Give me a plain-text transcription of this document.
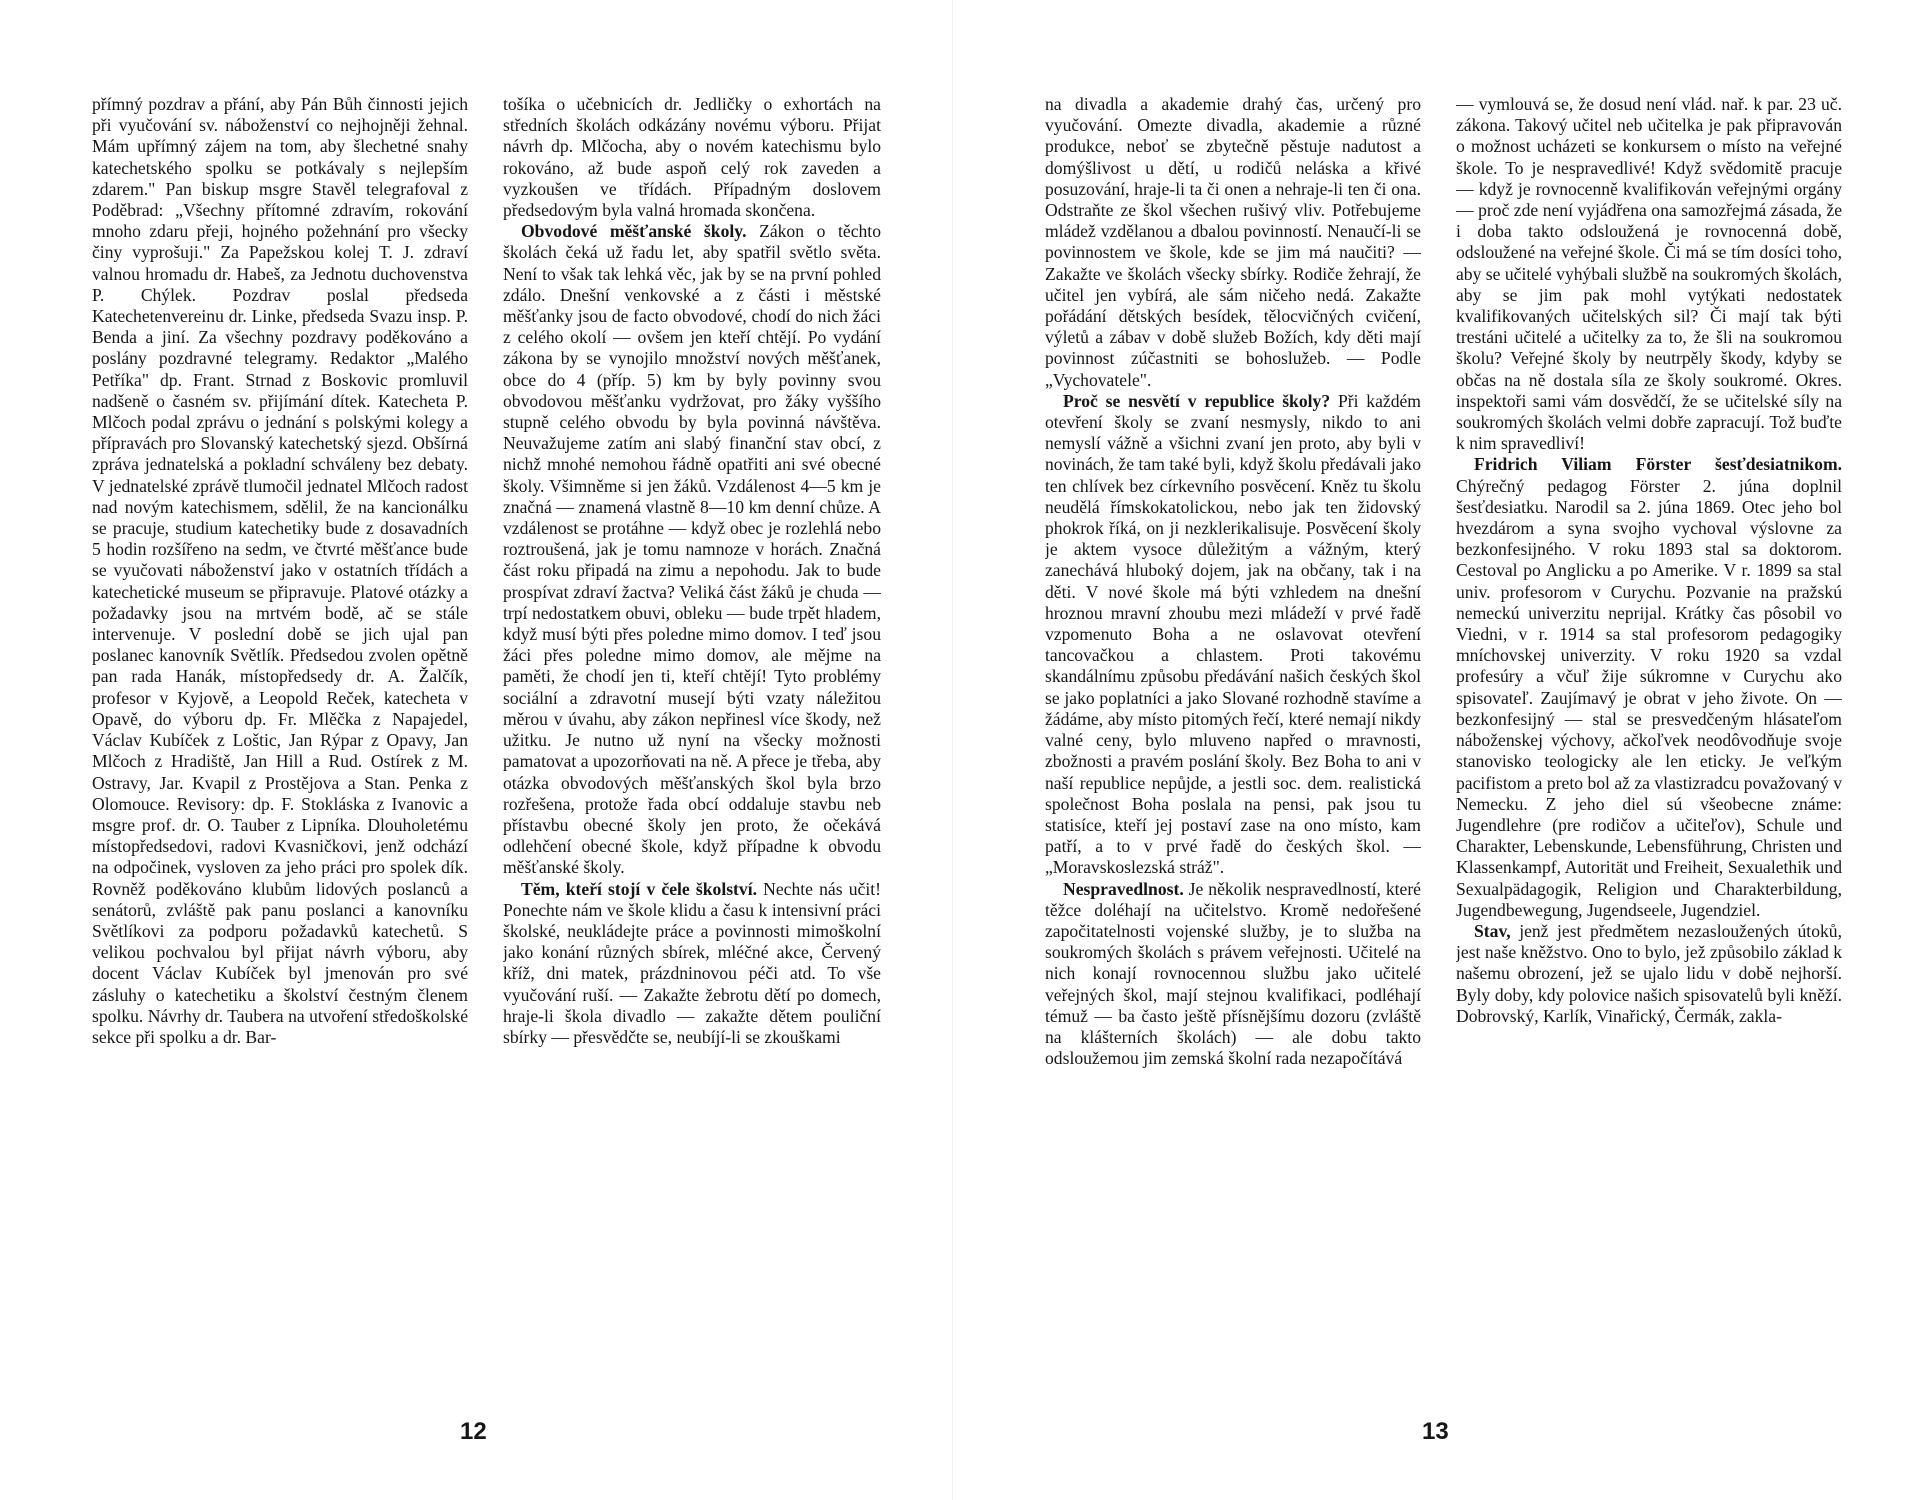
přímný pozdrav a přání, aby Pán Bůh činnosti jejich při vyučování sv. náboženství co nejhojněji žehnal. Mám upřímný zájem na tom, aby šlechetné snahy katechetského spolku se potkávaly s nejlepším zdarem." Pan biskup msgre Stavěl telegrafoval z Poděbrad: „Všechny přítomné zdravím, rokování mnoho zdaru přeji, hojného požehnání pro všecky činy vyprošuji." Za Papežskou kolej T. J. zdraví valnou hromadu dr. Habeš, za Jednotu duchovenstva P. Chýlek. Pozdrav poslal předseda Katechetenvereinu dr. Linke, předseda Svazu insp. P. Benda a jiní. Za všechny pozdravy poděkováno a poslány pozdravné telegramy. Redaktor „Malého Petříka" dp. Frant. Strnad z Boskovic promluvil nadšeně o časném sv. přijímání dítek. Katecheta P. Mlčoch podal zprávu o jednání s polskými kolegy a přípravách pro Slovanský katechetský sjezd. Obšírná zpráva jednatelská a pokladní schváleny bez debaty. V jednatelské zprávě tlumočil jednatel Mlčoch radost nad novým katechismem, sdělil, že na kancionálku se pracuje, studium katechetiky bude z dosavadních 5 hodin rozšířeno na sedm, ve čtvrté měšťance bude se vyučovati náboženství jako v ostatních třídách a katechetické museum se připravuje. Platové otázky a požadavky jsou na mrtvém bodě, ač se stále intervenuje. V poslední době se jich ujal pan poslanec kanovník Světlík. Předsedou zvolen opětně pan rada Hanák, místopředsedy dr. A. Žalčík, profesor v Kyjově, a Leopold Reček, katecheta v Opavě, do výboru dp. Fr. Mlěčka z Napajedel, Václav Kubíček z Loštic, Jan Rýpar z Opavy, Jan Mlčoch z Hradiště, Jan Hill a Rud. Ostírek z M. Ostravy, Jar. Kvapil z Prostějova a Stan. Penka z Olomouce. Revisory: dp. F. Stokláska z Ivanovic a msgre prof. dr. O. Tauber z Lipníka. Dlouholetému místopředsedovi, radovi Kvasničkovi, jenž odchází na odpočinek, vysloven za jeho práci pro spolek dík. Rovněž poděkováno klubům lidových poslanců a senátorů, zvláště pak panu poslanci a kanovníku Světlíkovi za podporu požadavků katechetů. S velikou pochvalou byl přijat návrh výboru, aby docent Václav Kubíček byl jmenován pro své zásluhy o katechetiku a školství čestným členem spolku. Návrhy dr. Taubera na utvoření středoškolské sekce při spolku a dr. Bar-

tošíka o učebnicích dr. Jedličky o exhortách na středních školách odkázány novému výboru. Přijat návrh dp. Mlčocha, aby o novém katechismu bylo rokováno, až bude aspoň celý rok zaveden a vyzkoušen ve třídách. Případným doslovem předsedovým byla valná hromada skončena.

Obvodové měšťanské školy. Zákon o těchto školách čeká už řadu let, aby spatřil světlo světa. Není to však tak lehká věc, jak by se na první pohled zdálo. Dnešní venkovské a z části i městské měšťanky jsou de facto obvodové, chodí do nich žáci z celého okolí — ovšem jen kteří chtějí. Po vydání zákona by se vynojilo množství nových měšťanek, obce do 4 (příp. 5) km by byly povinny svou obvodovou měšťanku vydržovat, pro žáky vyššího stupně celého obvodu by byla povinná návštěva. Neuvažujeme zatím ani slabý finanční stav obcí, z nichž mnohé nemohou řádně opatřiti ani své obecné školy. Všimněme si jen žáků. Vzdálenost 4—5 km je značná — znamená vlastně 8—10 km denní chůze. A vzdálenost se protáhne — když obec je rozlehlá nebo roztroušená, jak je tomu namnoze v horách. Značná část roku připadá na zimu a nepohodu. Jak to bude prospívat zdraví žactva? Veliká část žáků je chuda — trpí nedostatkem obuvi, obleku — bude trpět hladem, když musí býti přes poledne mimo domov. I teď jsou žáci přes poledne mimo domov, ale mějme na paměti, že chodí jen ti, kteří chtějí! Tyto problémy sociální a zdravotní musejí býti vzaty náležitou měrou v úvahu, aby zákon nepřinesl více škody, než užitku. Je nutno už nyní na všecky možnosti pamatovat a upozorňovati na ně. A přece je třeba, aby otázka obvodových měšťanských škol byla brzo rozřešena, protože řada obcí oddaluje stavbu neb přístavbu obecné školy jen proto, že očekává odlehčení obecné škole, když případne k obvodu měšťanské školy.

Těm, kteří stojí v čele školství. Nechte nás učit! Ponechte nám ve škole klidu a času k intensivní práci školské, neukládejte práce a povinnosti mimoškolní jako konání různých sbírek, mléčné akce, Červený kříž, dni matek, prázdninovou péči atd. To vše vyučování ruší. — Zakažte žebrotu dětí po domech, hraje-li škola divadlo — zakažte dětem pouliční sbírky — přesvědčte se, neubíjí-li se zkouškami

12

na divadla a akademie drahý čas, určený pro vyučování. Omezte divadla, akademie a různé produkce, neboť se zbytečně pěstuje nadutost a domýšlivost u dětí, u rodičů neláska a křivé posuzování, hraje-li ta či onen a nehraje-li ten či ona. Odstraňte ze škol všechen rušivý vliv. Potřebujeme mládež vzdělanou a dbalou povinností. Nenaučí-li se povinnostem ve škole, kde se jim má naučiti? — Zakažte ve školách všecky sbírky. Rodiče žehrají, že učitel jen vybírá, ale sám ničeho nedá. Zakažte pořádání dětských besídek, tělocvičných cvičení, výletů a zábav v době služeb Božích, kdy děti mají povinnost zúčastniti se bohoslužeb. — Podle „Vychovatele".

Proč se nesvětí v republice školy? Při každém otevření školy se zvaní nesmysly, nikdo to ani nemyslí vážně a všichni zvaní jen proto, aby byli v novinách, že tam také byli, když školu předávali jako ten chlívek bez církevního posvěcení. Kněz tu školu neudělá římskokatolickou, nebo jak ten židovský phokrok říká, on ji nezklerikalisuje. Posvěcení školy je aktem vysoce důležitým a vážným, který zanechává hluboký dojem, jak na občany, tak i na děti. V nové škole má býti vzhledem na dnešní hroznou mravní zhoubu mezi mládeží v prvé řadě vzpomenuto Boha a ne oslavovat otevření tancovačkou a chlastem. Proti takovému skandálnímu způsobu předávání našich českých škol se jako poplatníci a jako Slované rozhodně stavíme a žádáme, aby místo pitomých řečí, které nemají nikdy valné ceny, bylo mluveno napřed o mravnosti, zbožnosti a pravém poslání školy. Bez Boha to ani v naší republice nepůjde, a jestli soc. dem. realistická společnost Boha poslala na pensi, pak jsou tu statisíce, kteří jej postaví zase na ono místo, kam patří, a to v prvé řadě do českých škol. — „Moravskoslezská stráž".

Nespravedlnost. Je několik nespravedlností, které těžce doléhají na učitelstvo. Kromě nedořešené započitatelnosti vojenské služby, je to služba na soukromých školách s právem veřejnosti. Učitelé na nich konají rovnocennou službu jako učitelé veřejných škol, mají stejnou kvalifikaci, podléhají témuž — ba často ještě přísnějšímu dozoru (zvláště na klášterních školách) — ale dobu takto odsloužemou jim zemská školní rada nezapočítává

— vymlouvá se, že dosud není vlád. nař. k par. 23 uč. zákona. Takový učitel neb učitelka je pak připravován o možnost ucházeti se konkursem o místo na veřejné škole. To je nespravedlivé! Když svědomitě pracuje — když je rovnocenně kvalifikován veřejnými orgány — proč zde není vyjádřena ona samozřejmá zásada, že i doba takto odsloužená je rovnocenná době, odsloužené na veřejné škole. Či má se tím dosíci toho, aby se učitelé vyhýbali službě na soukromých školách, aby se jim pak mohl vytýkati nedostatek kvalifikovaných učitelských sil? Či mají tak býti trestáni učitelé a učitelky za to, že šli na soukromou školu? Veřejné školy by neutrpěly škody, kdyby se občas na ně dostala síla ze školy soukromé. Okres. inspektoři sami vám dosvědčí, že se učitelské síly na soukromých školách velmi dobře zapracují. Tož buďte k nim spravedliví!

Fridrich Viliam Förster šesťdesiatnikom. Chýrečný pedagog Förster 2. júna doplnil šesťdesiatku. Narodil sa 2. júna 1869. Otec jeho bol hvezdárom a syna svojho vychoval výslovne za bezkonfesijného. V roku 1893 stal sa doktorom. Cestoval po Anglicku a po Amerike. V r. 1899 sa stal univ. profesorom v Curychu. Pozvanie na pražskú nemeckú univerzitu neprijal. Krátky čas pôsobil vo Viedni, v r. 1914 sa stal profesorom pedagogiky mníchovskej univerzity. V roku 1920 sa vzdal profesúry a včuľ žije súkromne v Curychu ako spisovateľ. Zaujímavý je obrat v jeho živote. On — bezkonfesijný — stal se presvedčeným hlásateľom náboženskej výchovy, ačkoľvek neodôvodňuje svoje stanovisko teologicky ale len eticky. Je veľkým pacifistom a preto bol až za vlastizradcu považovaný v Nemecku. Z jeho diel sú všeobecne známe: Jugendlehre (pre rodičov a učiteľov), Schule und Charakter, Lebenskunde, Lebensführung, Christen und Klassenkampf, Autorität und Freiheit, Sexualethik und Sexualpädagogik, Religion und Charakterbildung, Jugendbewegung, Jugendseele, Jugendziel.

Stav, jenž jest předmětem nezasloužených útoků, jest naše kněžstvo. Ono to bylo, jež způsobilo základ k našemu obrození, jež se ujalo lidu v době nejhorší. Byly doby, kdy polovice našich spisovatelů byli kněží. Dobrovský, Karlík, Vinařický, Čermák, zakla-

13
